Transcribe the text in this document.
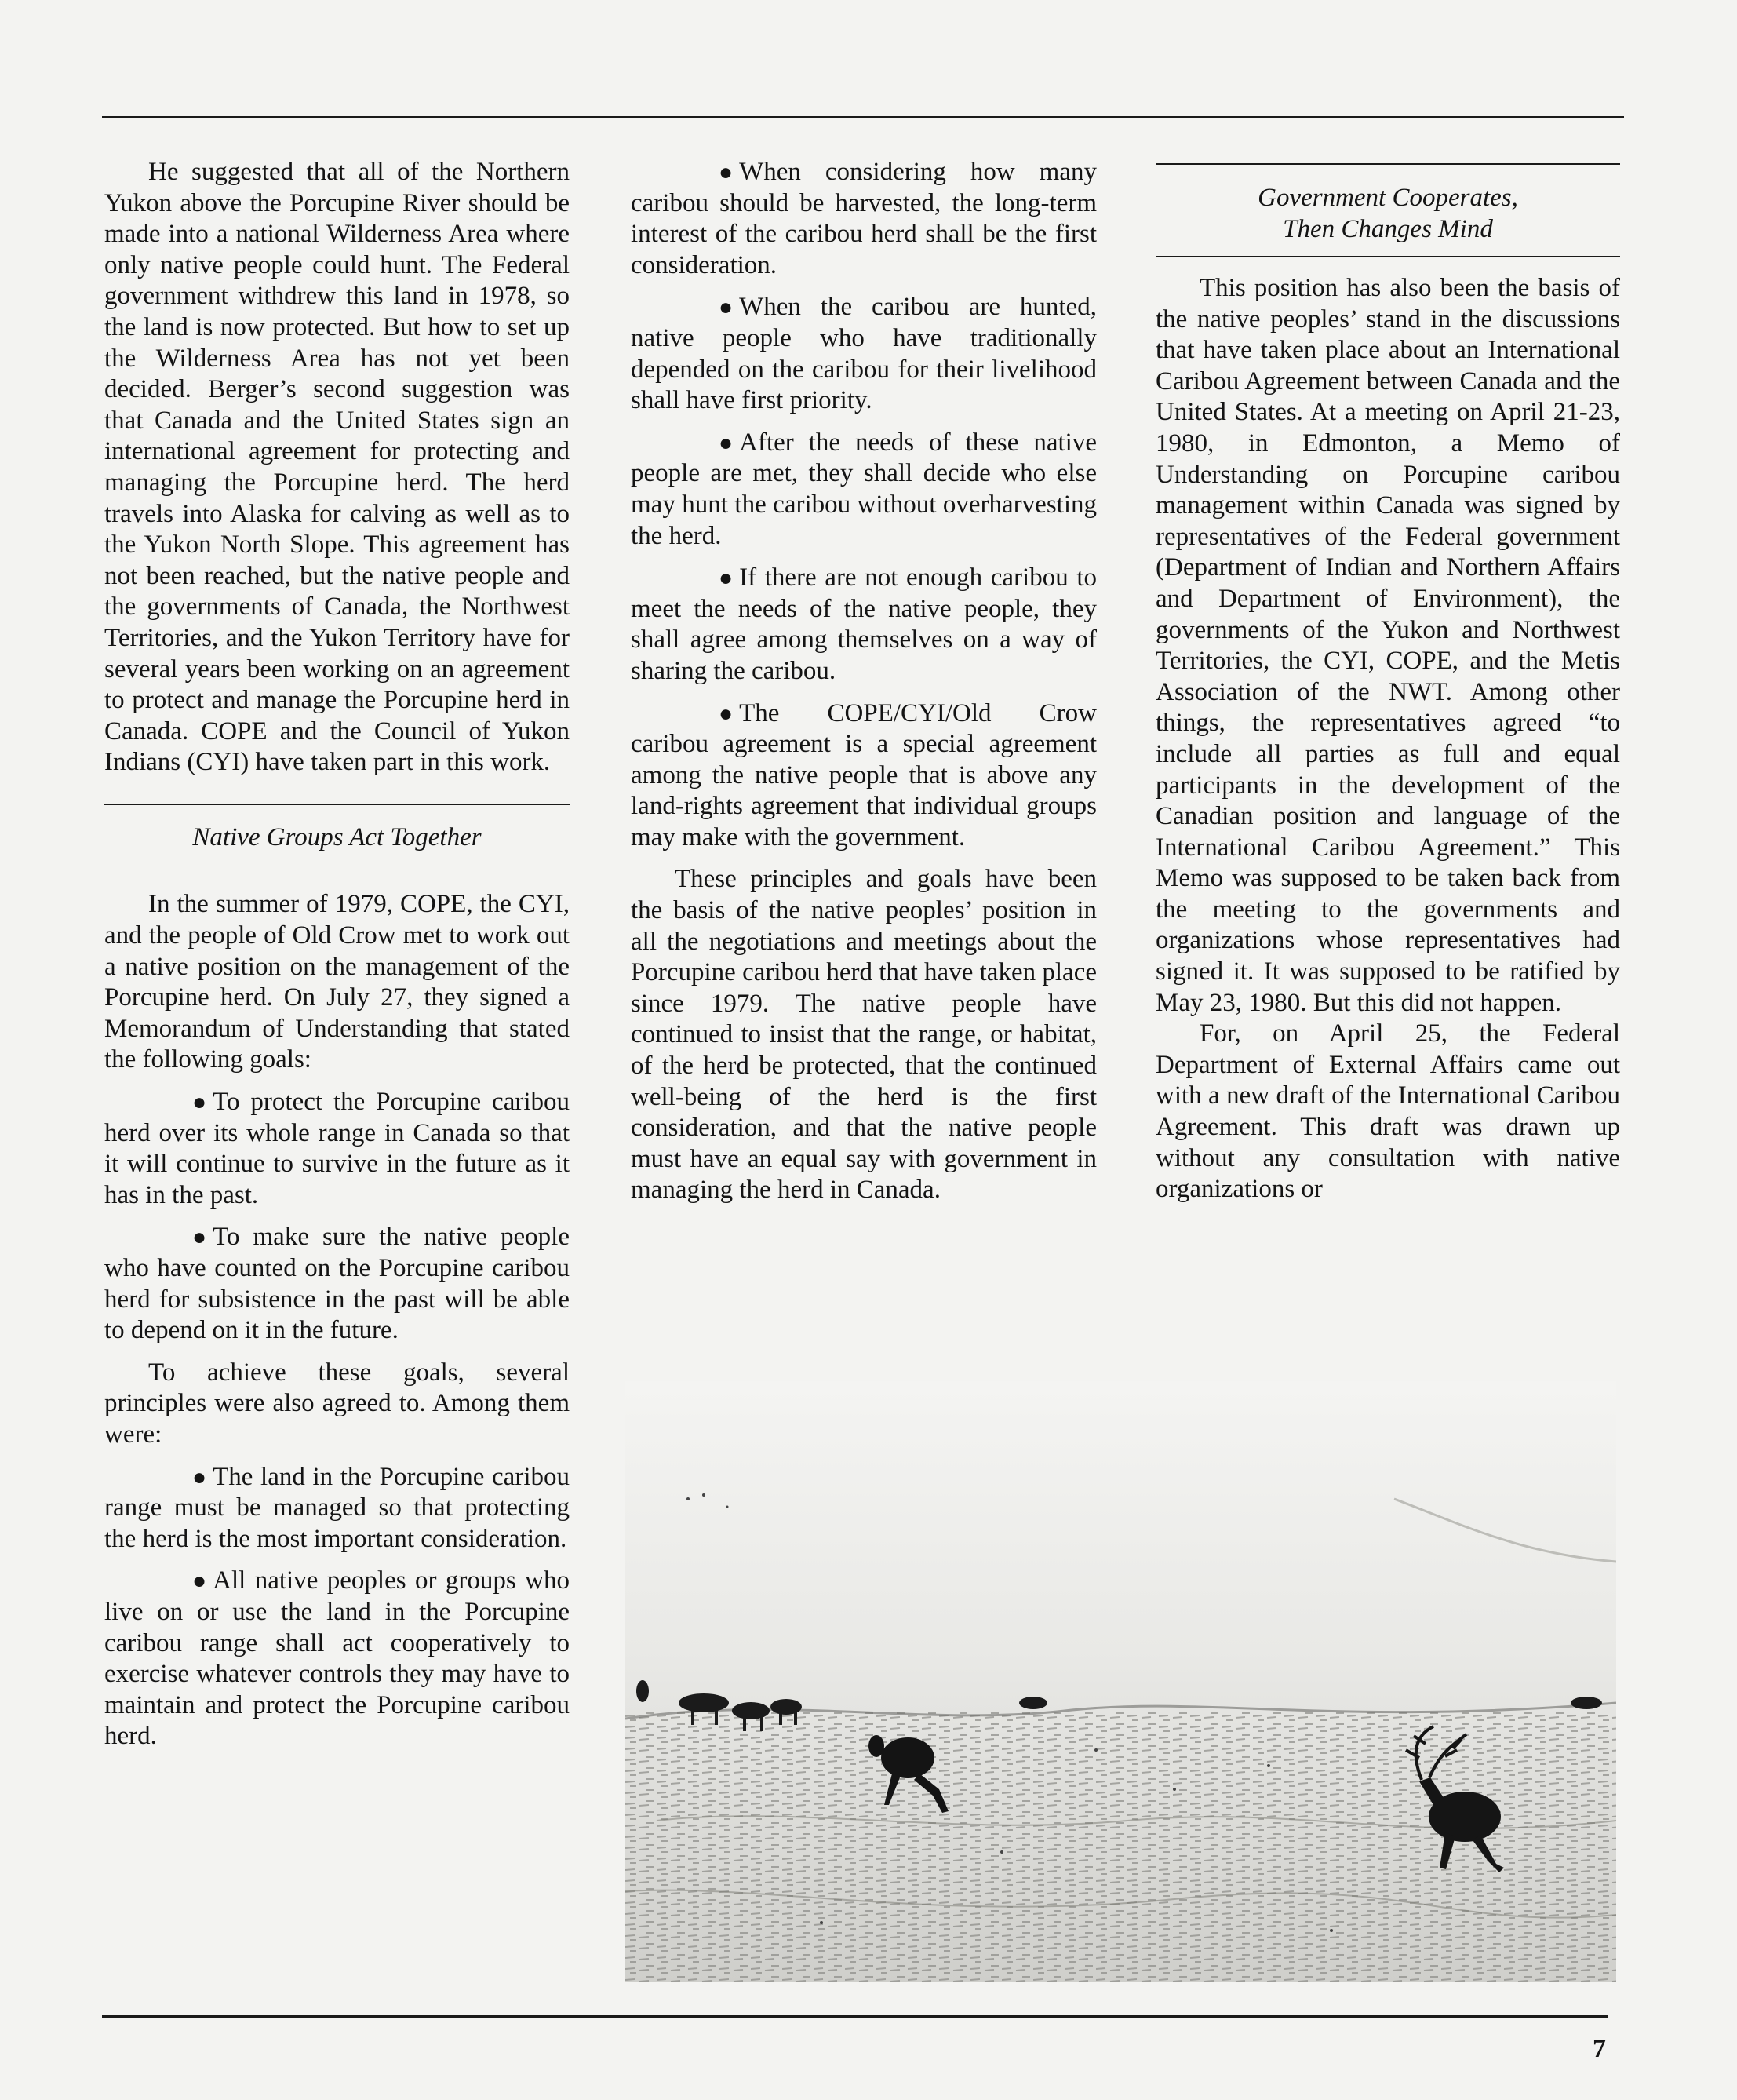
He suggested that all of the Northern Yukon above the Porcupine River should be made into a national Wilderness Area where only native people could hunt. The Federal government withdrew this land in 1978, so the land is now protected. But how to set up the Wilderness Area has not yet been decided. Berger’s second suggestion was that Canada and the United States sign an international agreement for protecting and managing the Porcupine herd. The herd travels into Alaska for calving as well as to the Yukon North Slope. This agreement has not been reached, but the native people and the governments of Canada, the Northwest Territories, and the Yukon Territory have for several years been working on an agreement to protect and manage the Porcupine herd in Canada. COPE and the Council of Yukon Indians (CYI) have taken part in this work.

Native Groups Act Together

In the summer of 1979, COPE, the CYI, and the people of Old Crow met to work out a native position on the management of the Porcupine herd. On July 27, they signed a Memorandum of Understanding that stated the following goals:

● To protect the Porcupine caribou herd over its whole range in Canada so that it will continue to survive in the future as it has in the past.
● To make sure the native people who have counted on the Porcupine caribou herd for subsistence in the past will be able to depend on it in the future.

To achieve these goals, several principles were also agreed to. Among them were:

● The land in the Porcupine caribou range must be managed so that protecting the herd is the most important consideration.
● All native peoples or groups who live on or use the land in the Porcupine caribou range shall act cooperatively to exercise whatever controls they may have to maintain and protect the Porcupine caribou herd.
● When considering how many caribou should be harvested, the long-term interest of the caribou herd shall be the first consideration.
● When the caribou are hunted, native people who have traditionally depended on the caribou for their livelihood shall have first priority.
● After the needs of these native people are met, they shall decide who else may hunt the caribou without overharvesting the herd.
● If there are not enough caribou to meet the needs of the native people, they shall agree among themselves on a way of sharing the caribou.
● The COPE/CYI/Old Crow caribou agreement is a special agreement among the native people that is above any land-rights agreement that individual groups may make with the government.

These principles and goals have been the basis of the native peoples’ position in all the negotiations and meetings about the Porcupine caribou herd that have taken place since 1979. The native people have continued to insist that the range, or habitat, of the herd be protected, that the continued well-being of the herd is the first consideration, and that the native people must have an equal say with government in managing the herd in Canada.

Government Cooperates,
Then Changes Mind

This position has also been the basis of the native peoples’ stand in the discussions that have taken place about an International Caribou Agreement between Canada and the United States. At a meeting on April 21-23, 1980, in Edmonton, a Memo of Understanding on Porcupine caribou management within Canada was signed by representatives of the Federal government (Department of Indian and Northern Affairs and Department of Environment), the governments of the Yukon and Northwest Territories, the CYI, COPE, and the Metis Association of the NWT. Among other things, the representatives agreed “to include all parties as full and equal participants in the development of the Canadian position and language of the International Caribou Agreement.” This Memo was supposed to be taken back from the meeting to the governments and organizations whose representatives had signed it. It was supposed to be ratified by May 23, 1980. But this did not happen.

For, on April 25, the Federal Department of External Affairs came out with a new draft of the International Caribou Agreement. This draft was drawn up without any consultation with native organizations or

7
